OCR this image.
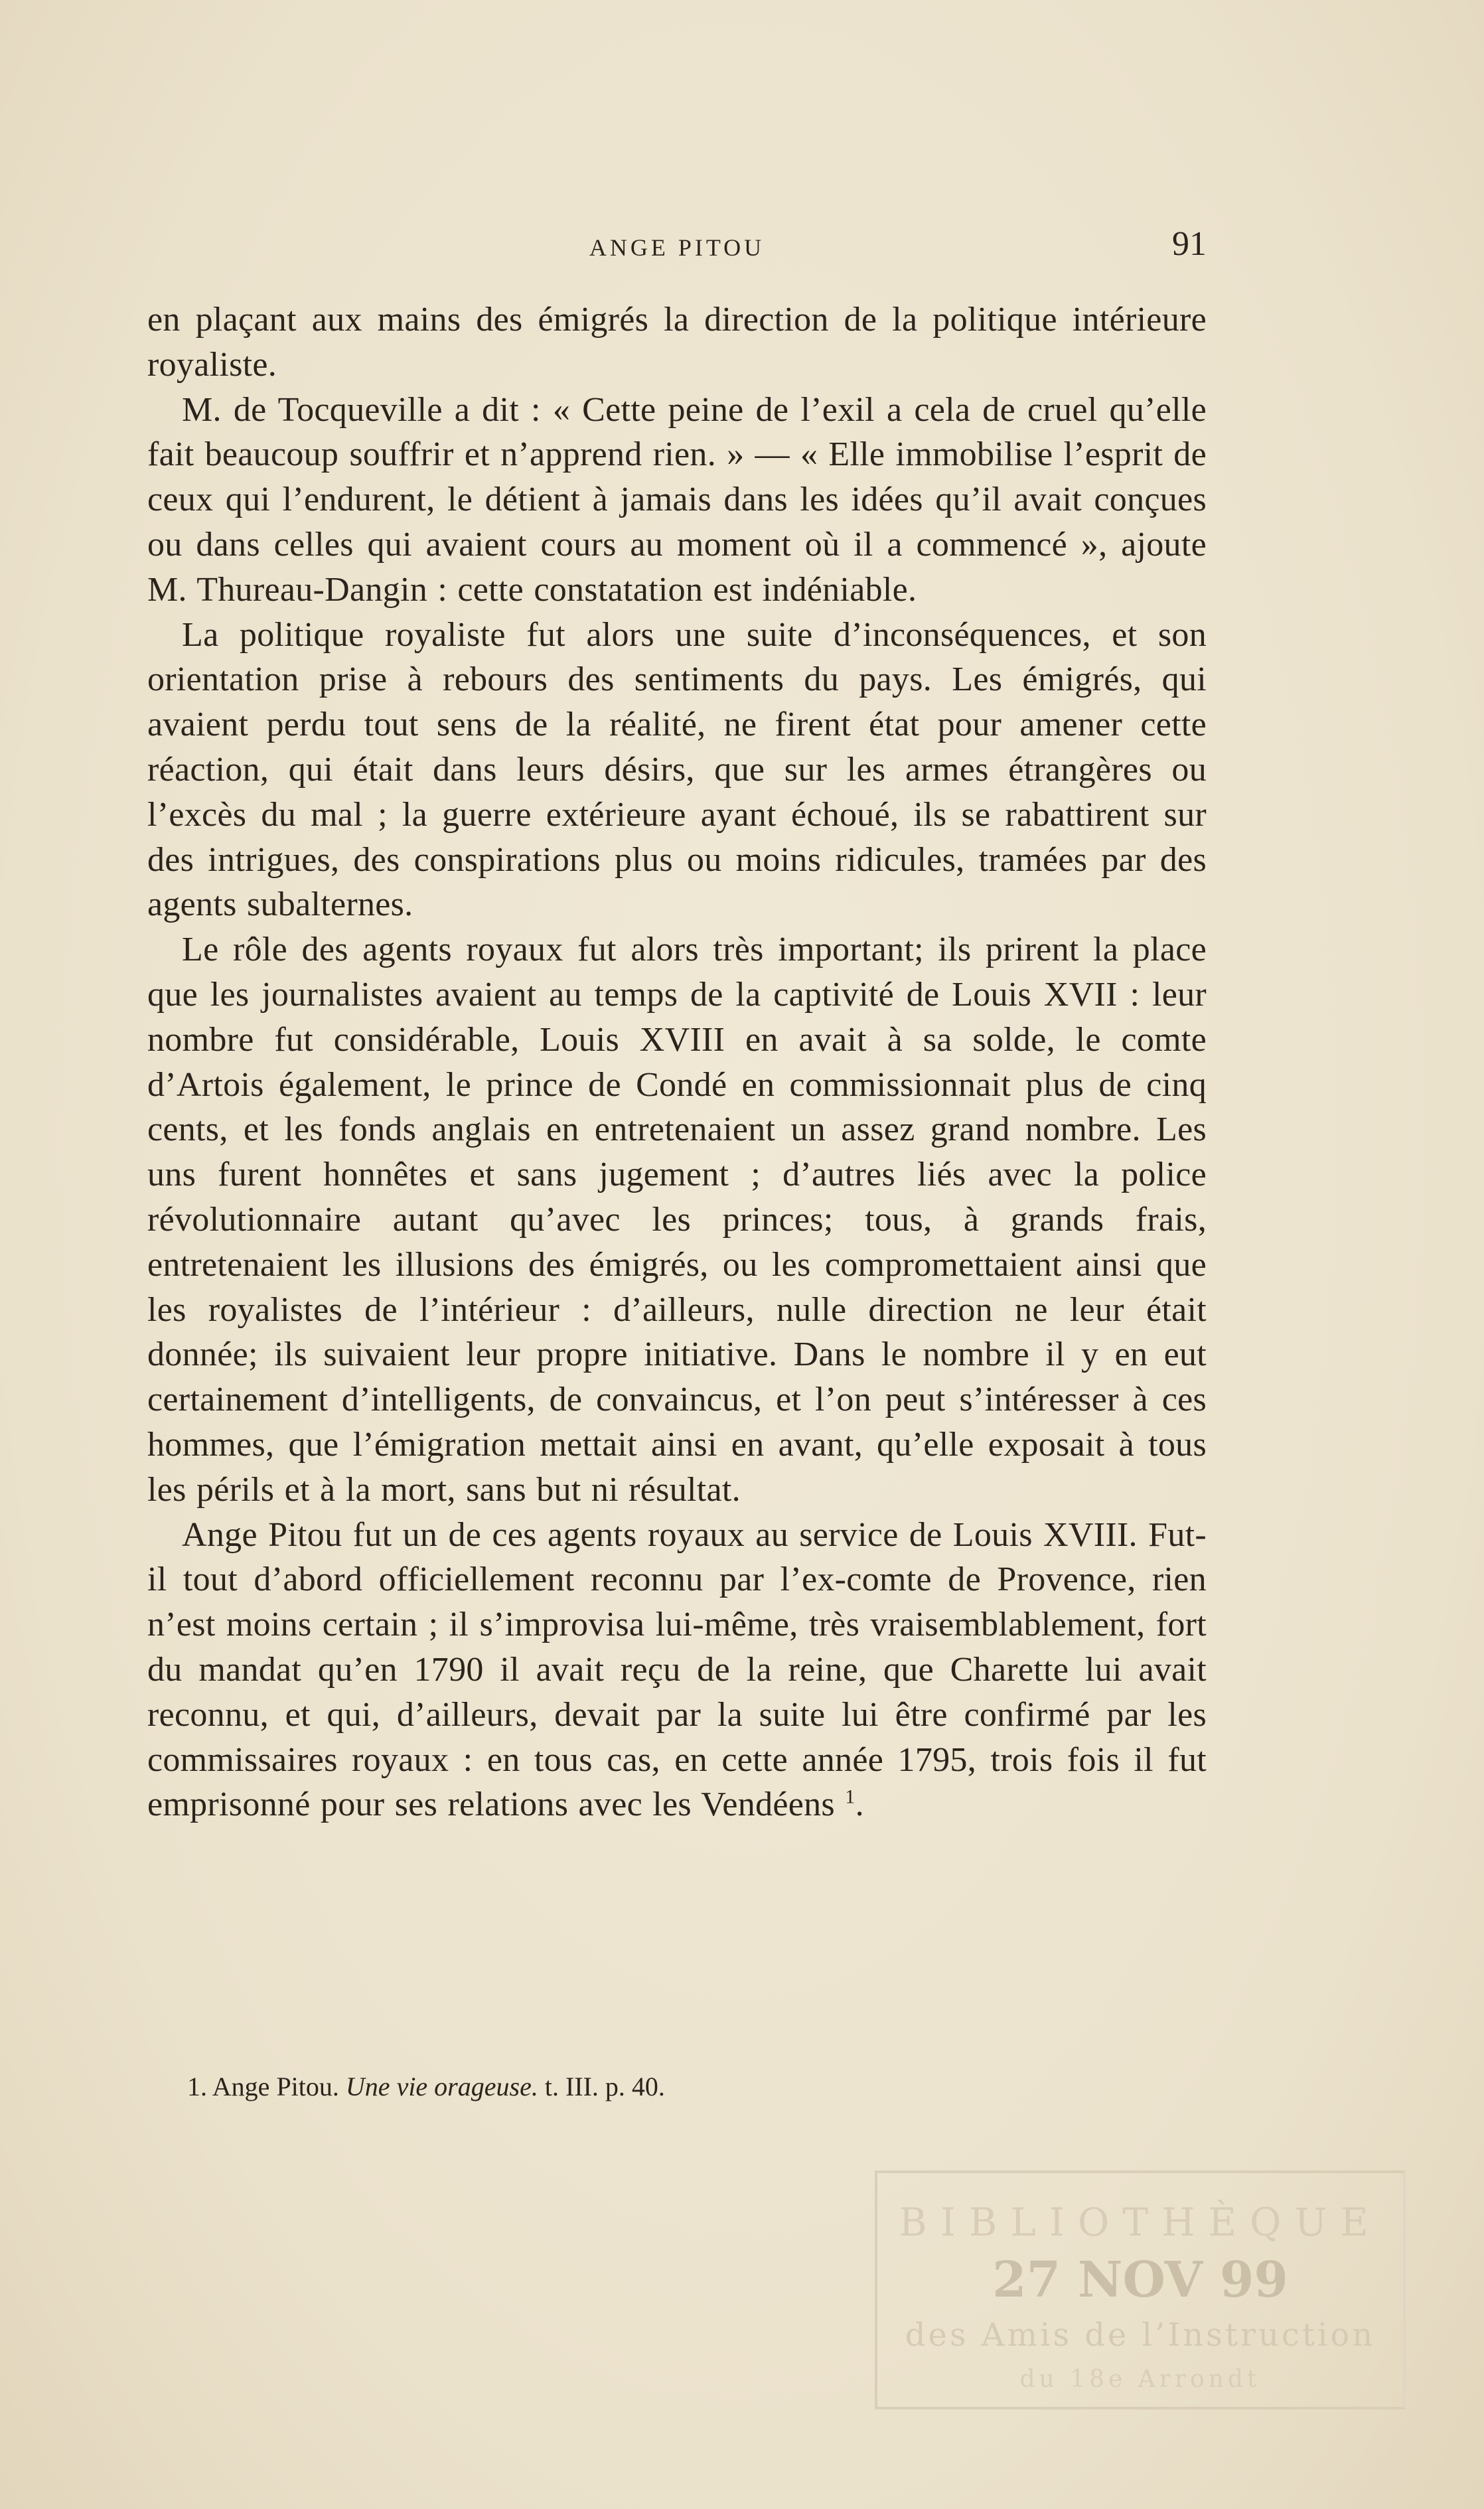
ANGE PITOU	91

en plaçant aux mains des émigrés la direction de la politique intérieure royaliste.

M. de Tocqueville a dit : « Cette peine de l’exil a cela de cruel qu’elle fait beaucoup souffrir et n’apprend rien. » — « Elle immobilise l’esprit de ceux qui l’endurent, le détient à jamais dans les idées qu’il avait conçues ou dans celles qui avaient cours au moment où il a commencé », ajoute M. Thureau-Dangin : cette constatation est indéniable.

La politique royaliste fut alors une suite d’inconséquences, et son orientation prise à rebours des sentiments du pays. Les émigrés, qui avaient perdu tout sens de la réalité, ne firent état pour amener cette réaction, qui était dans leurs désirs, que sur les armes étrangères ou l’excès du mal ; la guerre extérieure ayant échoué, ils se rabattirent sur des intrigues, des conspirations plus ou moins ridicules, tramées par des agents subalternes.

Le rôle des agents royaux fut alors très important; ils prirent la place que les journalistes avaient au temps de la captivité de Louis XVII : leur nombre fut considérable, Louis XVIII en avait à sa solde, le comte d’Artois également, le prince de Condé en commissionnait plus de cinq cents, et les fonds anglais en entretenaient un assez grand nombre. Les uns furent honnêtes et sans jugement ; d’autres liés avec la police révolutionnaire autant qu’avec les princes; tous, à grands frais, entretenaient les illusions des émigrés, ou les compromettaient ainsi que les royalistes de l’intérieur : d’ailleurs, nulle direction ne leur était donnée; ils suivaient leur propre initiative. Dans le nombre il y en eut certainement d’intelligents, de convaincus, et l’on peut s’intéresser à ces hommes, que l’émigration mettait ainsi en avant, qu’elle exposait à tous les périls et à la mort, sans but ni résultat.

Ange Pitou fut un de ces agents royaux au service de Louis XVIII. Fut-il tout d’abord officiellement reconnu par l’ex-comte de Provence, rien n’est moins certain ; il s’improvisa lui-même, très vraisemblablement, fort du mandat qu’en 1790 il avait reçu de la reine, que Charette lui avait reconnu, et qui, d’ailleurs, devait par la suite lui être confirmé par les commissaires royaux : en tous cas, en cette année 1795, trois fois il fut emprisonné pour ses relations avec les Vendéens $^1$.

1. Ange Pitou. Une vie orageuse. t. III. p. 40.
BIBLIOTHÈQUE
27 NOV 99
des Amis de l’Instruction
du 18e Arrondt
